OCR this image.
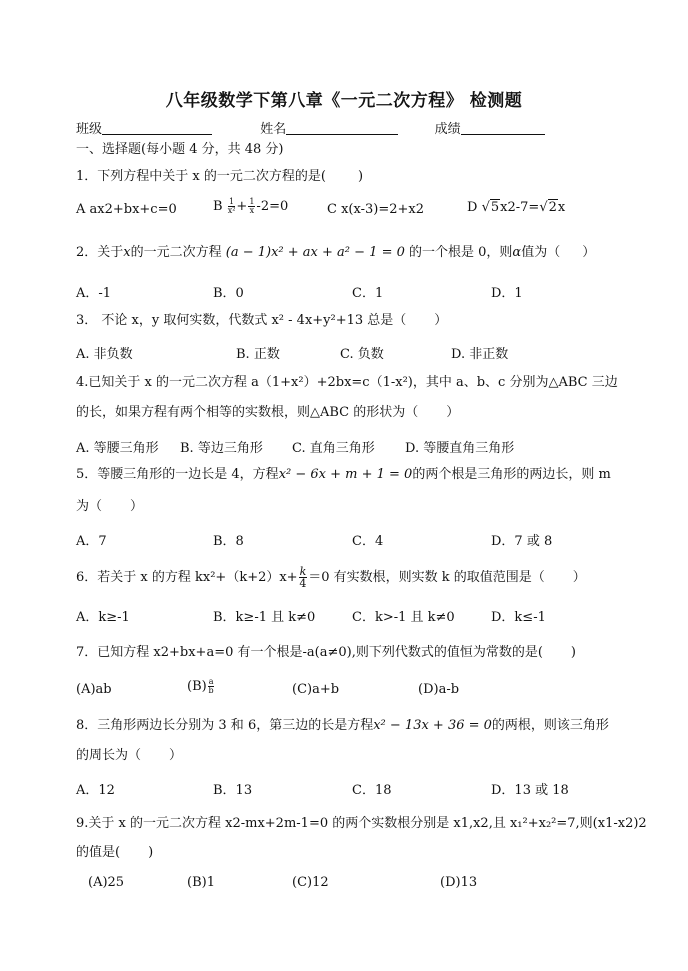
八年级数学下第八章《一元二次方程》 检测题
班级	姓名	成绩
一、选择题(每小题 4 分，共 48 分)
1．下列方程中关于 x 的一元二次方程的是( )
A ax2+bx+c=0	B $\frac{1}{\text{x²}} + \frac{1}{x} -2=0$	C x(x-3)=2+x2	D √5x2-7=√2x
2．关于x的一元二次方程 (a − 1)x² + ax + a² − 1 = 0 的一个根是 0，则α值为（ ）
A．-1	B．0	C．1	D．1
3． 不论 x，y 取何实数，代数式 x² - 4x+y²+13 总是（ ）
A. 非负数	B. 正数	C. 负数	D. 非正数
4.已知关于 x 的一元二次方程 a（1+x²）+2bx=c（1-x²)，其中 a、b、c 分别为△ABC 三边
的长，如果方程有两个相等的实数根，则△ABC 的形状为（ ）
A. 等腰三角形 B. 等边三角形 C. 直角三角形 D. 等腰直角三角形
5．等腰三角形的一边长是 4，方程x² − 6x + m + 1 = 0的两个根是三角形的两边长，则 m
为（ ）
A．7	B．8	C．4	D．7 或 8
6．若关于 x 的方程 $kx^2+(k+2)x+ \frac{k}{4} =0$ 有实数根，则实数 k 的取值范围是（ ）
A．k≥-1	B．k≥-1 且 k≠0	C．k>-1 且 k≠0	D．k≤-1
7．已知方程 x2+bx+a=0 有一个根是-a(a≠0),则下列代数式的值恒为常数的是( )
(A)ab	$(B) \frac{a}{b}$	(C)a+b	(D)a-b
8．三角形两边长分别为 3 和 6，第三边的长是方程x² − 13x + 36 = 0的两根，则该三角形
的周长为（ ）
A．12	B．13	C．18	D．13 或 18
9.关于 x 的一元二次方程 x2-mx+2m-1=0 的两个实数根分别是 x1,x2,且 x₁²+x₂²=7,则(x1-x2)2
的值是( )
(A)25	(B)1	(C)12	(D)13
